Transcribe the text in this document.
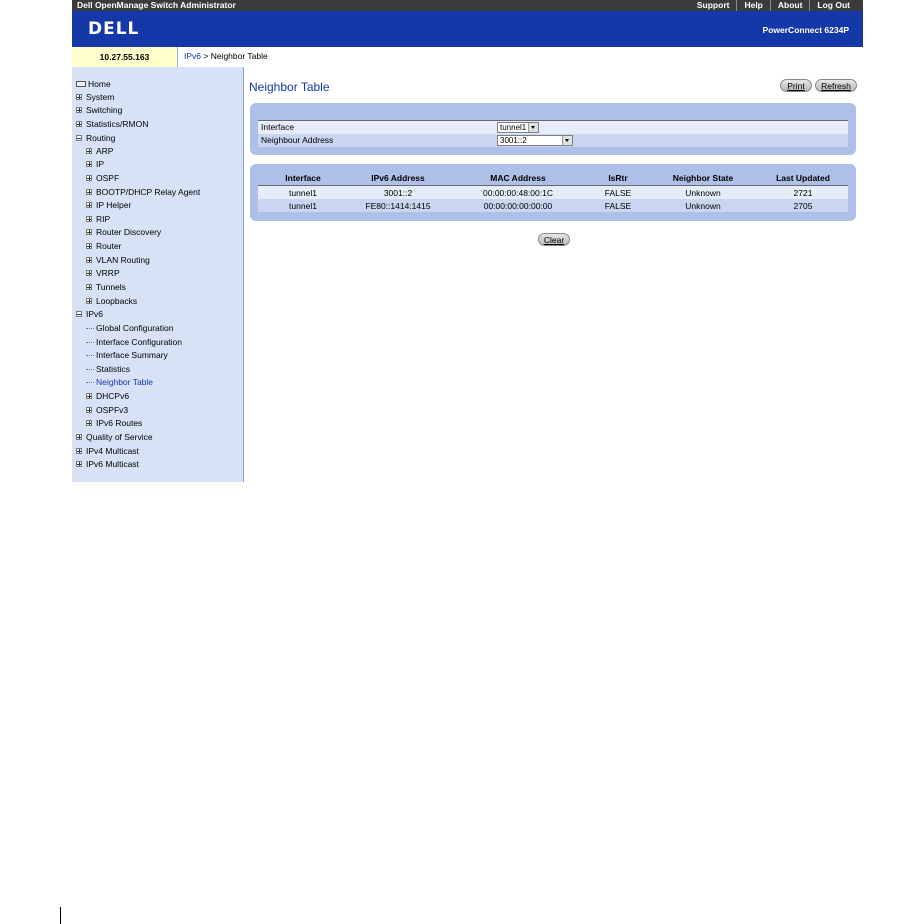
Dell OpenManage Switch Administrator	Support	Help	About	Log Out
DELL	PowerConnect 6234P
10.27.55.163	IPv6 > Neighbor Table
Home
System
Switching
Statistics/RMON
Routing
ARP
IP
OSPF
BOOTP/DHCP Relay Agent
IP Helper
RIP
Router Discovery
Router
VLAN Routing
VRRP
Tunnels
Loopbacks
IPv6
Global Configuration
Interface Configuration
Interface Summary
Statistics
Neighbor Table
DHCPv6
OSPFv3
IPv6 Routes
Quality of Service
IPv4 Multicast
IPv6 Multicast
Neighbor Table	Print	Refresh
Interface	tunnel1
Neighbour Address	3001::2
Interface	IPv6 Address	MAC Address	IsRtr	Neighbor State	Last Updated
tunnel1	3001::2	00:00:00:48:00:1C	FALSE	Unknown	2721
tunnel1	FE80::1414:1415	00:00:00:00:00:00	FALSE	Unknown	2705
Clear
